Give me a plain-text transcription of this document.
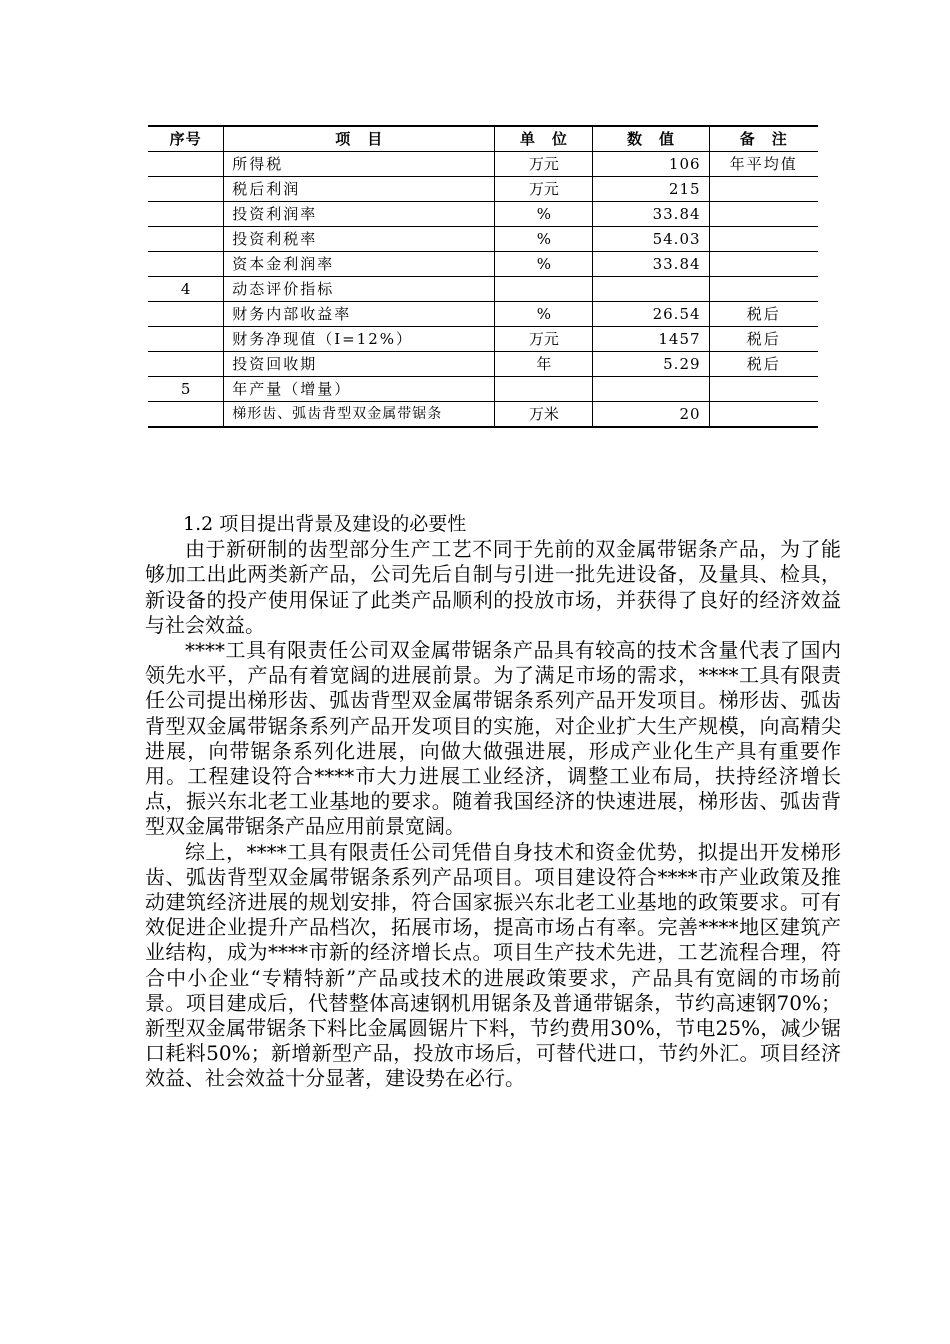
序号	项　目	单　位	数　值	备　注
	所得税	万元	106	年平均值
	税后利润	万元	215	
	投资利润率	%	33.84	
	投资利税率	%	54.03	
	资本金利润率	%	33.84	
4	动态评价指标			
	财务内部收益率	%	26.54	税后
	财务净现值（I=12%）	万元	1457	税后
	投资回收期	年	5.29	税后
5	年产量（增量）			
	梯形齿、弧齿背型双金属带锯条	万米	20	

1.2 项目提出背景及建设的必要性

由于新研制的齿型部分生产工艺不同于先前的双金属带锯条产品，为了能够加工出此两类新产品，公司先后自制与引进一批先进设备，及量具、检具，新设备的投产使用保证了此类产品顺利的投放市场，并获得了良好的经济效益与社会效益。

****工具有限责任公司双金属带锯条产品具有较高的技术含量代表了国内领先水平，产品有着宽阔的进展前景。为了满足市场的需求，****工具有限责任公司提出梯形齿、弧齿背型双金属带锯条系列产品开发项目。梯形齿、弧齿背型双金属带锯条系列产品开发项目的实施，对企业扩大生产规模，向高精尖进展，向带锯条系列化进展，向做大做强进展，形成产业化生产具有重要作用。工程建设符合****市大力进展工业经济，调整工业布局，扶持经济增长点，振兴东北老工业基地的要求。随着我国经济的快速进展，梯形齿、弧齿背型双金属带锯条产品应用前景宽阔。

综上，****工具有限责任公司凭借自身技术和资金优势，拟提出开发梯形齿、弧齿背型双金属带锯条系列产品项目。项目建设符合****市产业政策及推动建筑经济进展的规划安排，符合国家振兴东北老工业基地的政策要求。可有效促进企业提升产品档次，拓展市场，提高市场占有率。完善****地区建筑产业结构，成为****市新的经济增长点。项目生产技术先进，工艺流程合理，符合中小企业“专精特新”产品或技术的进展政策要求，产品具有宽阔的市场前景。项目建成后，代替整体高速钢机用锯条及普通带锯条，节约高速钢70%；新型双金属带锯条下料比金属圆锯片下料，节约费用30%，节电25%，减少锯口耗料50%；新增新型产品，投放市场后，可替代进口，节约外汇。项目经济效益、社会效益十分显著，建设势在必行。
